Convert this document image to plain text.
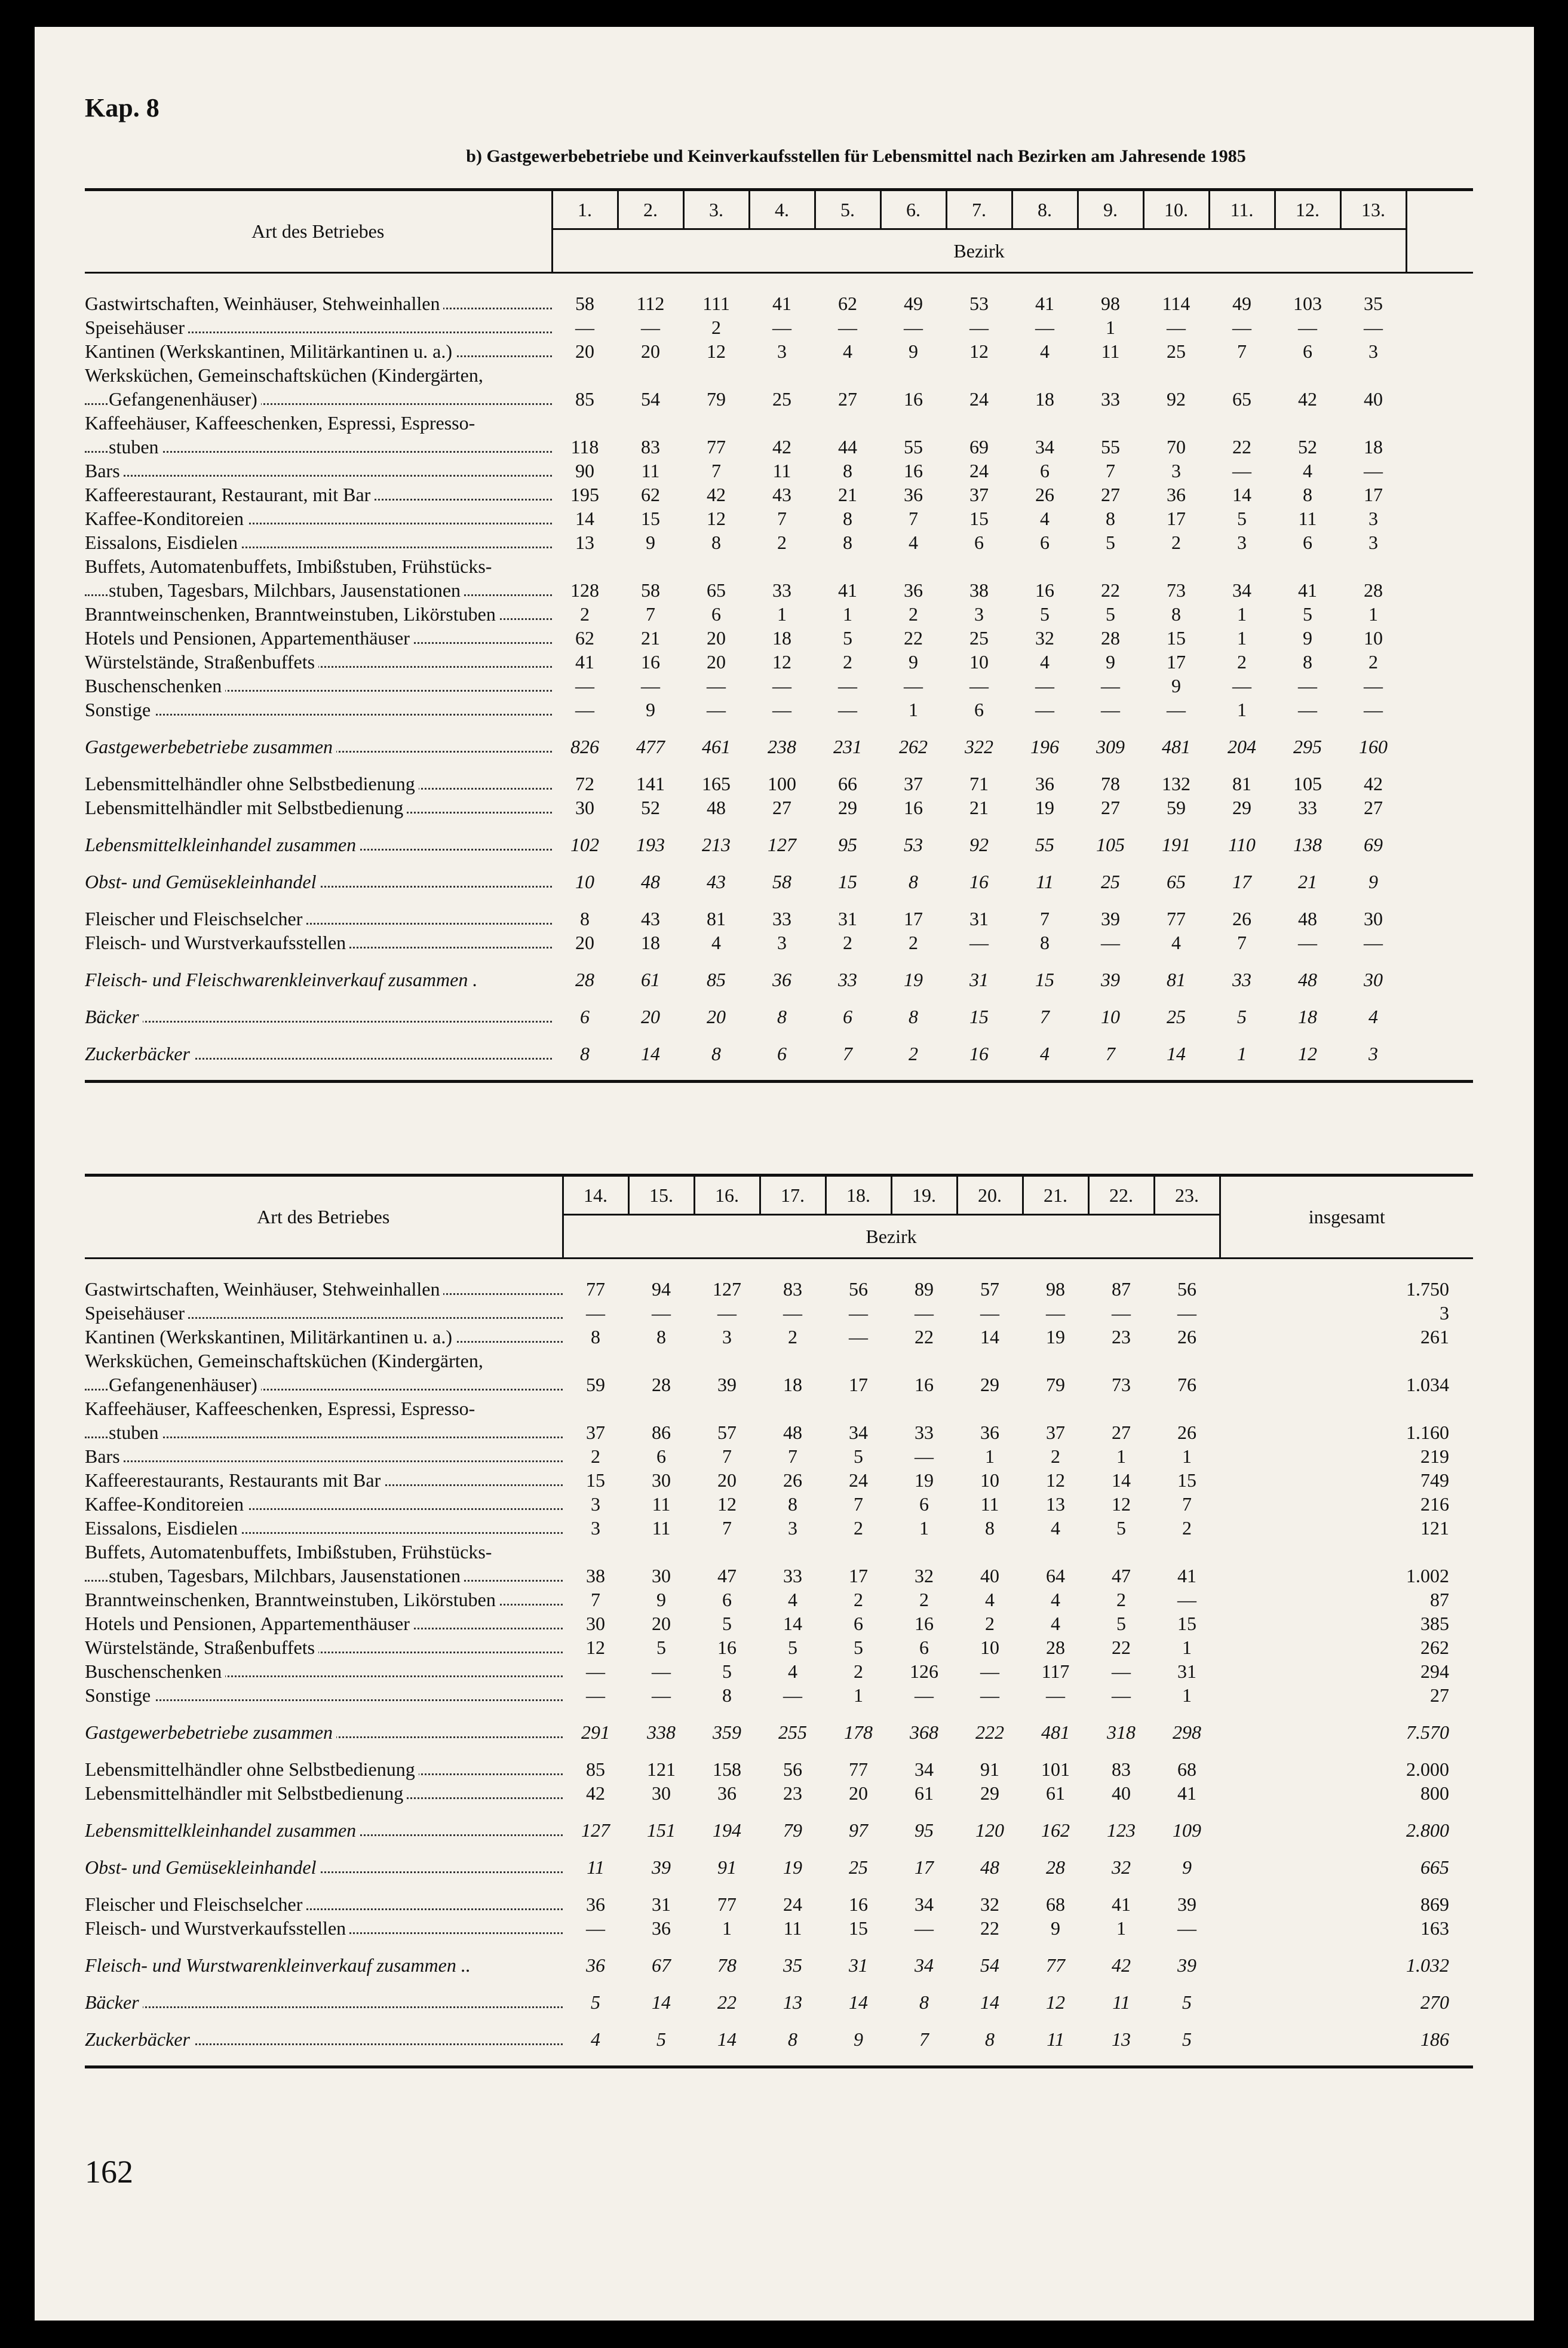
Kap. 8
b) Gastgewerbebetriebe und Keinverkaufsstellen für Lebensmittel nach Bezirken am Jahresende 1985
Art des Betriebes	1.	2.	3.	4.	5.	6.	7.	8.	9.	10.	11.	12.	13.	
	Bezirk													

Gastwirtschaften, Weinhäuser, Stehweinhallen	58	112	111	41	62	49	53	41	98	114	49	103	35	

Speisehäuser	—	—	2	—	—	—	—	—	1	—	—	—	—	

Kantinen (Werkskantinen, Militärkantinen u. a.)	20	20	12	3	4	9	12	4	11	25	7	6	3	

Werksküchen, Gemeinschaftsküchen (Kindergärten,
Gefangenenhäuser)	85	54	79	25	27	16	24	18	33	92	65	42	40	

Kaffeehäuser, Kaffeeschenken, Espressi, Espresso-
stuben	118	83	77	42	44	55	69	34	55	70	22	52	18	

Bars	90	11	7	11	8	16	24	6	7	3	—	4	—	

Kaffeerestaurant, Restaurant, mit Bar	195	62	42	43	21	36	37	26	27	36	14	8	17	

Kaffee-Konditoreien	14	15	12	7	8	7	15	4	8	17	5	11	3	

Eissalons, Eisdielen	13	9	8	2	8	4	6	6	5	2	3	6	3	

Buffets, Automatenbuffets, Imbißstuben, Frühstücks-
stuben, Tagesbars, Milchbars, Jausenstationen	128	58	65	33	41	36	38	16	22	73	34	41	28	

Branntweinschenken, Branntweinstuben, Likörstuben	2	7	6	1	1	2	3	5	5	8	1	5	1	

Hotels und Pensionen, Appartementhäuser	62	21	20	18	5	22	25	32	28	15	1	9	10	

Würstelstände, Straßenbuffets	41	16	20	12	2	9	10	4	9	17	2	8	2	

Buschenschenken	—	—	—	—	—	—	—	—	—	9	—	—	—	

Sonstige	—	9	—	—	—	1	6	—	—	—	1	—	—	

Gastgewerbebetriebe zusammen	826	477	461	238	231	262	322	196	309	481	204	295	160	

Lebensmittelhändler ohne Selbstbedienung	72	141	165	100	66	37	71	36	78	132	81	105	42	

Lebensmittelhändler mit Selbstbedienung	30	52	48	27	29	16	21	19	27	59	29	33	27	

Lebensmittelkleinhandel zusammen	102	193	213	127	95	53	92	55	105	191	110	138	69	

Obst- und Gemüsekleinhandel	10	48	43	58	15	8	16	11	25	65	17	21	9	

Fleischer und Fleischselcher	8	43	81	33	31	17	31	7	39	77	26	48	30	

Fleisch- und Wurstverkaufsstellen	20	18	4	3	2	2	—	8	—	4	7	—	—	

Fleisch- und Fleischwarenkleinverkauf zusammen .	28	61	85	36	33	19	31	15	39	81	33	48	30	

Bäcker	6	20	20	8	6	8	15	7	10	25	5	18	4	

Zuckerbäcker	8	14	8	6	7	2	16	4	7	14	1	12	3	
Art des Betriebes	14.	15.	16.	17.	18.	19.	20.	21.	22.	23.	insgesamt
	Bezirk										

Gastwirtschaften, Weinhäuser, Stehweinhallen	77	94	127	83	56	89	57	98	87	56	1.750

Speisehäuser	—	—	—	—	—	—	—	—	—	—	3

Kantinen (Werkskantinen, Militärkantinen u. a.)	8	8	3	2	—	22	14	19	23	26	261

Werksküchen, Gemeinschaftsküchen (Kindergärten,
Gefangenenhäuser)	59	28	39	18	17	16	29	79	73	76	1.034

Kaffeehäuser, Kaffeeschenken, Espressi, Espresso-
stuben	37	86	57	48	34	33	36	37	27	26	1.160

Bars	2	6	7	7	5	—	1	2	1	1	219

Kaffeerestaurants, Restaurants mit Bar	15	30	20	26	24	19	10	12	14	15	749

Kaffee-Konditoreien	3	11	12	8	7	6	11	13	12	7	216

Eissalons, Eisdielen	3	11	7	3	2	1	8	4	5	2	121

Buffets, Automatenbuffets, Imbißstuben, Frühstücks-
stuben, Tagesbars, Milchbars, Jausenstationen	38	30	47	33	17	32	40	64	47	41	1.002

Branntweinschenken, Branntweinstuben, Likörstuben	7	9	6	4	2	2	4	4	2	—	87

Hotels und Pensionen, Appartementhäuser	30	20	5	14	6	16	2	4	5	15	385

Würstelstände, Straßenbuffets	12	5	16	5	5	6	10	28	22	1	262

Buschenschenken	—	—	5	4	2	126	—	117	—	31	294

Sonstige	—	—	8	—	1	—	—	—	—	1	27

Gastgewerbebetriebe zusammen	291	338	359	255	178	368	222	481	318	298	7.570

Lebensmittelhändler ohne Selbstbedienung	85	121	158	56	77	34	91	101	83	68	2.000

Lebensmittelhändler mit Selbstbedienung	42	30	36	23	20	61	29	61	40	41	800

Lebensmittelkleinhandel zusammen	127	151	194	79	97	95	120	162	123	109	2.800

Obst- und Gemüsekleinhandel	11	39	91	19	25	17	48	28	32	9	665

Fleischer und Fleischselcher	36	31	77	24	16	34	32	68	41	39	869

Fleisch- und Wurstverkaufsstellen	—	36	1	11	15	—	22	9	1	—	163

Fleisch- und Wurstwarenkleinverkauf zusammen ..	36	67	78	35	31	34	54	77	42	39	1.032

Bäcker	5	14	22	13	14	8	14	12	11	5	270

Zuckerbäcker	4	5	14	8	9	7	8	11	13	5	186
162
